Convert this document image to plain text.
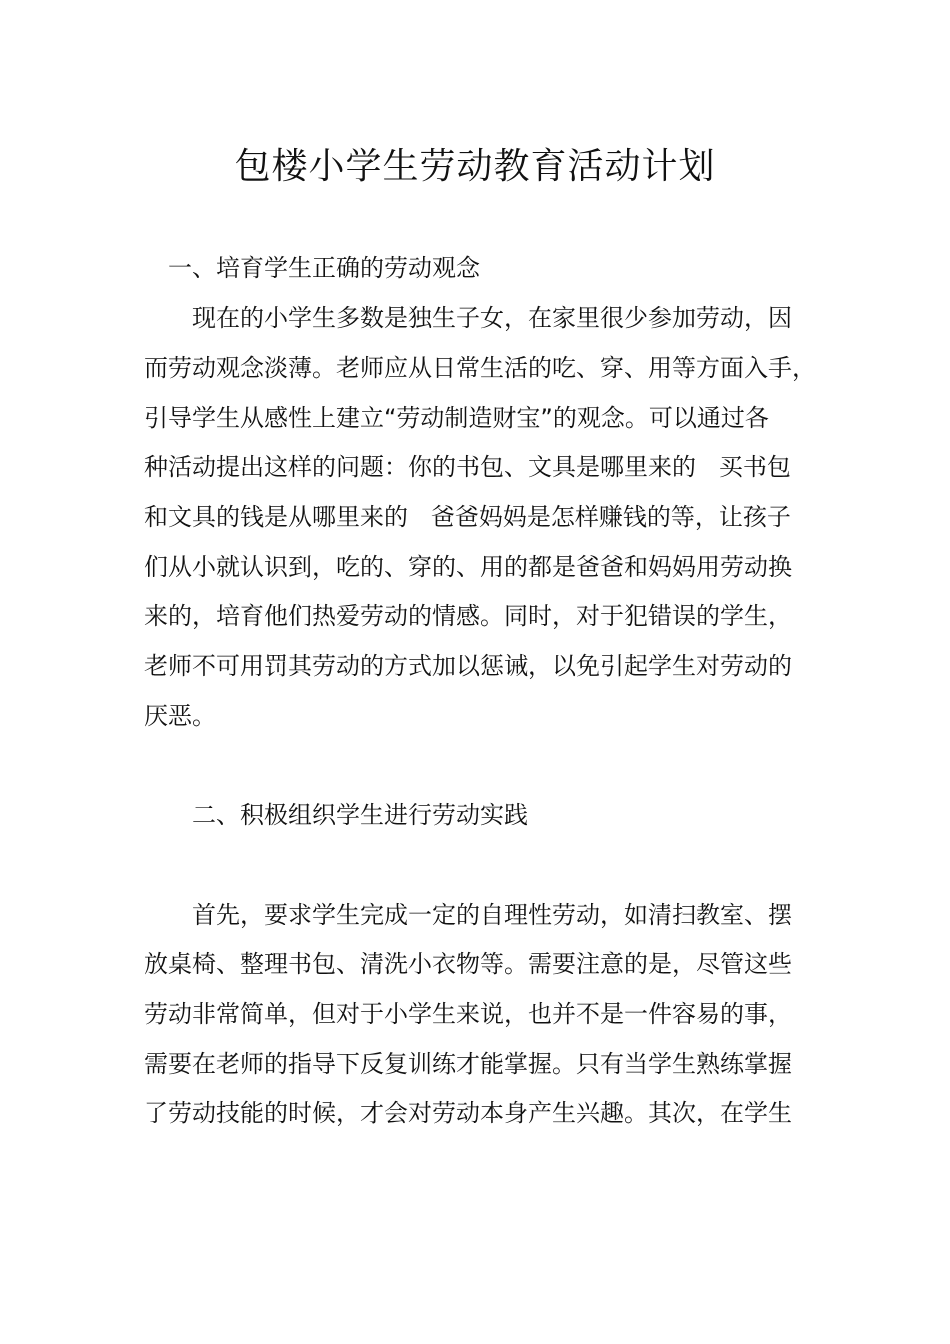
包楼小学生劳动教育活动计划
一、培育学生正确的劳动观念
现在的小学生多数是独生子女，在家里很少参加劳动，因
而劳动观念淡薄。老师应从日常生活的吃、穿、用等方面入手，
引导学生从感性上建立“劳动制造财宝”的观念。可以通过各
种活动提出这样的问题：你的书包、文具是哪里来的   买书包
和文具的钱是从哪里来的   爸爸妈妈是怎样赚钱的等，让孩子
们从小就认识到，吃的、穿的、用的都是爸爸和妈妈用劳动换
来的，培育他们热爱劳动的情感。同时，对于犯错误的学生，
老师不可用罚其劳动的方式加以惩诫，以免引起学生对劳动的
厌恶。
二、积极组织学生进行劳动实践
首先，要求学生完成一定的自理性劳动，如清扫教室、摆
放桌椅、整理书包、清洗小衣物等。需要注意的是，尽管这些
劳动非常简单，但对于小学生来说，也并不是一件容易的事，
需要在老师的指导下反复训练才能掌握。只有当学生熟练掌握
了劳动技能的时候，才会对劳动本身产生兴趣。其次，在学生
